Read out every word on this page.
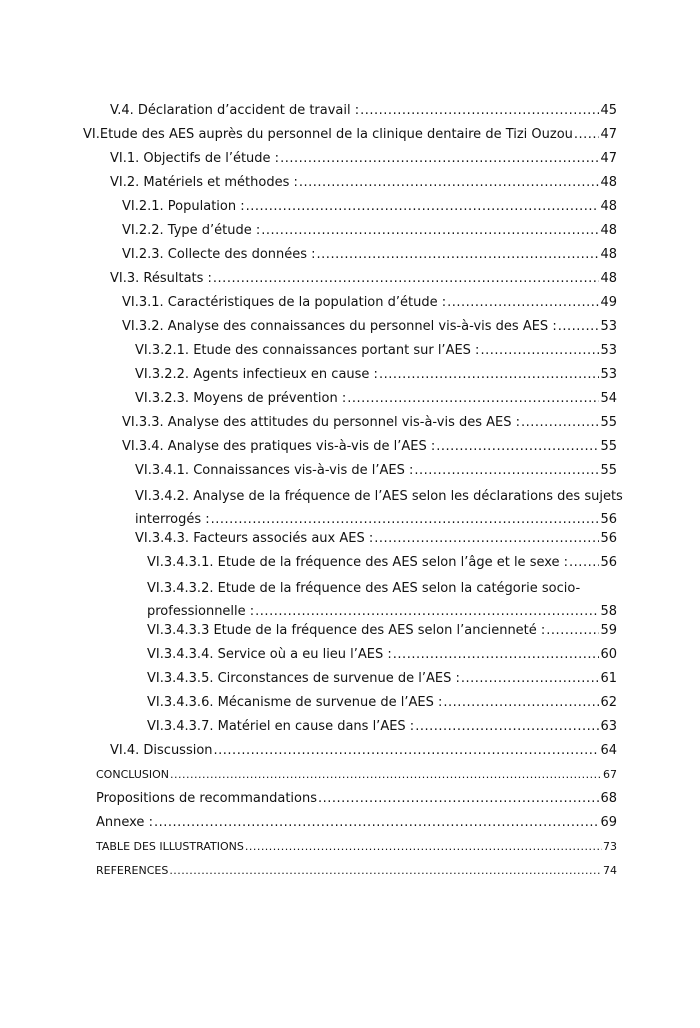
V.4. Déclaration d’accident de travail : .....	45
VI. Etude des AES auprès du personnel de la clinique dentaire de Tizi Ouzou ..... 47
VI.1. Objectifs de l’étude : .....	47
VI.2. Matériels et méthodes : .....	48
VI.2.1. Population : .....	48
VI.2.2. Type d’étude : .....	48
VI.2.3. Collecte des données : .....	48
VI.3. Résultats : .....	48
VI.3.1. Caractéristiques de la population d’étude : .....	49
VI.3.2. Analyse des connaissances du personnel vis-à-vis des AES : .....	53
VI.3.2.1. Etude des connaissances portant sur l’AES : .....	53
VI.3.2.2. Agents infectieux en cause : .....	53
VI.3.2.3. Moyens de prévention : .....	54
VI.3.3. Analyse des attitudes du personnel vis-à-vis des AES : .....	55
VI.3.4. Analyse des pratiques vis-à-vis de l’AES : .....	55
VI.3.4.1. Connaissances vis-à-vis de l’AES : .....	55
VI.3.4.2. Analyse de la fréquence de l’AES selon les déclarations des sujets
interrogés : .....	56
VI.3.4.3. Facteurs associés aux AES : .....	56
VI.3.4.3.1. Etude de la fréquence des AES selon l’âge et le sexe : ..... 56
VI.3.4.3.2. Etude de la fréquence des AES selon la catégorie socio-
professionnelle : .....	58
VI.3.4.3.3 Etude de la fréquence des AES selon l’ancienneté : .....	59
VI.3.4.3.4. Service où a eu lieu l’AES : .....	60
VI.3.4.3.5. Circonstances de survenue de l’AES : .....	61
VI.3.4.3.6. Mécanisme de survenue de l’AES : .....	62
VI.3.4.3.7. Matériel en cause dans l’AES : .....	63
VI.4. Discussion .....	64
CONCLUSION .....	67
Propositions de recommandations .....	68
Annexe : .....	69
TABLE DES ILLUSTRATIONS .....	73
REFERENCES .....	74
